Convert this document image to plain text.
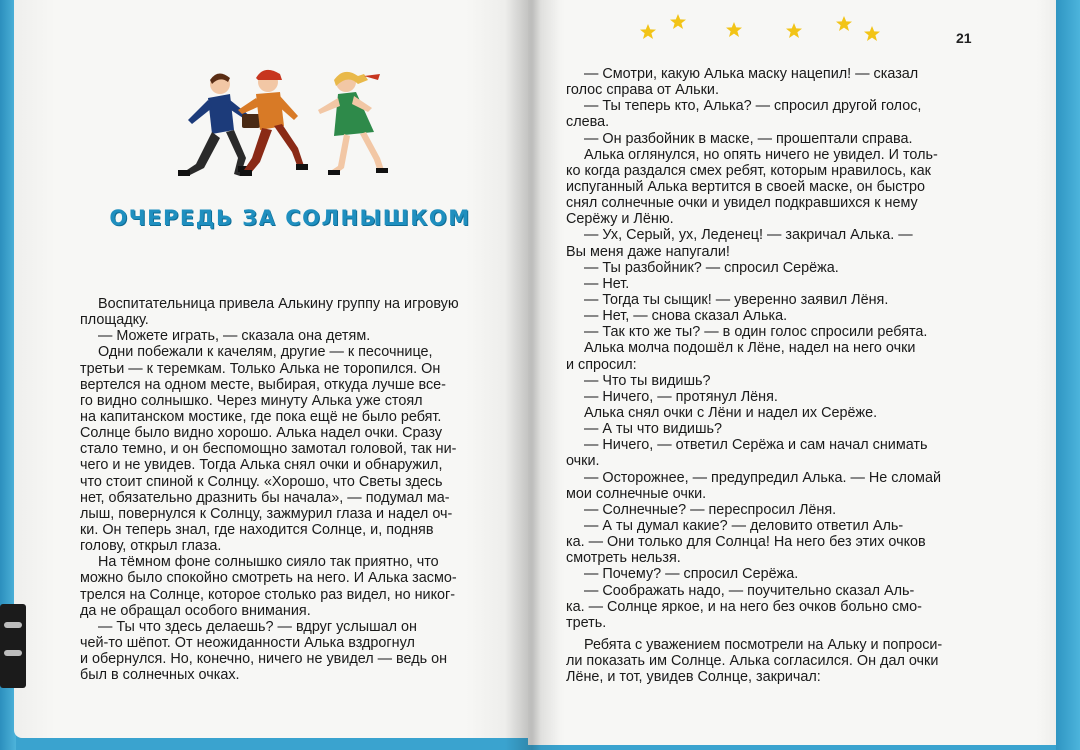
ОЧЕРЕДЬ ЗА СОЛНЫШКОМ
Воспитательница привела Алькину группу на игровую
площадку.
— Можете играть, — сказала она детям.
Одни побежали к качелям, другие — к песочнице,
третьи — к теремкам. Только Алька не торопился. Он
вертелся на одном месте, выбирая, откуда лучше все-
го видно солнышко. Через минуту Алька уже стоял
на капитанском мостике, где пока ещё не было ребят.
Солнце было видно хорошо. Алька надел очки. Сразу
стало темно, и он беспомощно замотал головой, так ни-
чего и не увидев. Тогда Алька снял очки и обнаружил,
что стоит спиной к Солнцу. «Хорошо, что Светы здесь
нет, обязательно дразнить бы начала», — подумал ма-
лыш, повернулся к Солнцу, зажмурил глаза и надел оч-
ки. Он теперь знал, где находится Солнце, и, подняв
голову, открыл глаза.
На тёмном фоне солнышко сияло так приятно, что
можно было спокойно смотреть на него. И Алька засмо-
трелся на Солнце, которое столько раз видел, но никог-
да не обращал особого внимания.
— Ты что здесь делаешь? — вдруг услышал он
чей-то шёпот. От неожиданности Алька вздрогнул
и обернулся. Но, конечно, ничего не увидел — ведь он
был в солнечных очках.
21
— Смотри, какую Алька маску нацепил! — сказал
голос справа от Альки.
— Ты теперь кто, Алька? — спросил другой голос,
слева.
— Он разбойник в маске, — прошептали справа.
Алька оглянулся, но опять ничего не увидел. И толь-
ко когда раздался смех ребят, которым нравилось, как
испуганный Алька вертится в своей маске, он быстро
снял солнечные очки и увидел подкравшихся к нему
Серёжу и Лёню.
— Ух, Серый, ух, Леденец! — закричал Алька. —
Вы меня даже напугали!
— Ты разбойник? — спросил Серёжа.
— Нет.
— Тогда ты сыщик! — уверенно заявил Лёня.
— Нет, — снова сказал Алька.
— Так кто же ты? — в один голос спросили ребята.
Алька молча подошёл к Лёне, надел на него очки
и спросил:
— Что ты видишь?
— Ничего, — протянул Лёня.
Алька снял очки с Лёни и надел их Серёже.
— А ты что видишь?
— Ничего, — ответил Серёжа и сам начал снимать
очки.
— Осторожнее, — предупредил Алька. — Не сломай
мои солнечные очки.
— Солнечные? — переспросил Лёня.
— А ты думал какие? — деловито ответил Аль-
ка. — Они только для Солнца! На него без этих очков
смотреть нельзя.
— Почему? — спросил Серёжа.
— Соображать надо, — поучительно сказал Аль-
ка. — Солнце яркое, и на него без очков больно смо-
треть.
Ребята с уважением посмотрели на Альку и попроси-
ли показать им Солнце. Алька согласился. Он дал очки
Лёне, и тот, увидев Солнце, закричал:
